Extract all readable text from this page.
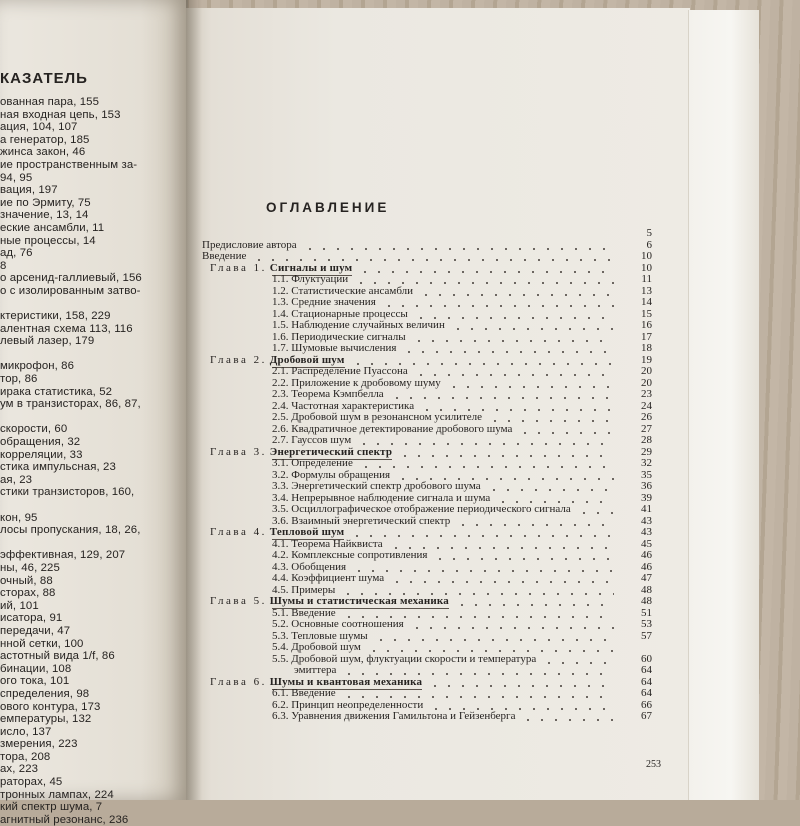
КАЗАТЕЛЬ
ованная пара, 155
ная входная цепь, 153
ация, 104, 107
а генератор, 185
жинса закон, 46
ие пространственным за-
94, 95
вация, 197
ие по Эрмиту, 75
значение, 13, 14
еские ансамбли, 11
ные процессы, 14
ад, 76
8
о арсенид-галлиевый, 156
о с изолированным затво-
ктеристики, 158, 229
алентная схема 113, 116
левый лазер, 179
микрофон, 86
тор, 86
ирака статистика, 52
ум в транзисторах, 86, 87,
скорости, 60
обращения, 32
корреляции, 33
стика импульсная, 23
ая, 23
стики транзисторов, 160,
кон, 95
лосы пропускания, 18, 26,
эффективная, 129, 207
ны, 46, 225
очный, 88
сторах, 88
ий, 101
исатора, 91
передачи, 47
нной сетки, 100
астотный вида 1/f, 86
бинации, 108
ого тока, 101
спределения, 98
ового контура, 173
емпературы, 132
исло, 137
змерения, 223
тора, 208
ах, 223
раторах, 45
тронных лампах, 224
кий спектр шума, 7
агнитный резонанс, 236
ОГЛАВЛЕНИЕ
5
Предисловие автора	6
Введение	10
Глава 1. Сигналы и шум	10
1.1. Флуктуации	11
1.2. Статистические ансамбли	13
1.3. Средние значения	14
1.4. Стационарные процессы	15
1.5. Наблюдение случайных величин	16
1.6. Периодические сигналы	17
1.7. Шумовые вычисления	18
Глава 2. Дробовой шум	19
2.1. Распределение Пуассона	20
2.2. Приложение к дробовому шуму	20
2.3. Теорема Кэмпбелла	23
2.4. Частотная характеристика	24
2.5. Дробовой шум в резонансном усилителе	26
2.6. Квадратичное детектирование дробового шума	27
2.7. Гауссов шум	28
Глава 3. Энергетический спектр	29
3.1. Определение	32
3.2. Формулы обращения	35
3.3. Энергетический спектр дробового шума	36
3.4. Непрерывное наблюдение сигнала и шума	39
3.5. Осциллографическое отображение периодического сигнала	41
3.6. Взаимный энергетический спектр	43
Глава 4. Тепловой шум	43
4.1. Теорема Найквиста	45
4.2. Комплексные сопротивления	46
4.3. Обобщения	46
4.4. Коэффициент шума	47
4.5. Примеры	48
Глава 5. Шумы и статистическая механика	48
5.1. Введение	51
5.2. Основные соотношения	53
5.3. Тепловые шумы	57
5.4. Дробовой шум
5.5. Дробовой шум, флуктуации скорости и температура	60
эмиттера	64
Глава 6. Шумы и квантовая механика	64
6.1. Введение	64
6.2. Принцип неопределенности	66
6.3. Уравнения движения Гамильтона и Гейзенберга	67
253
